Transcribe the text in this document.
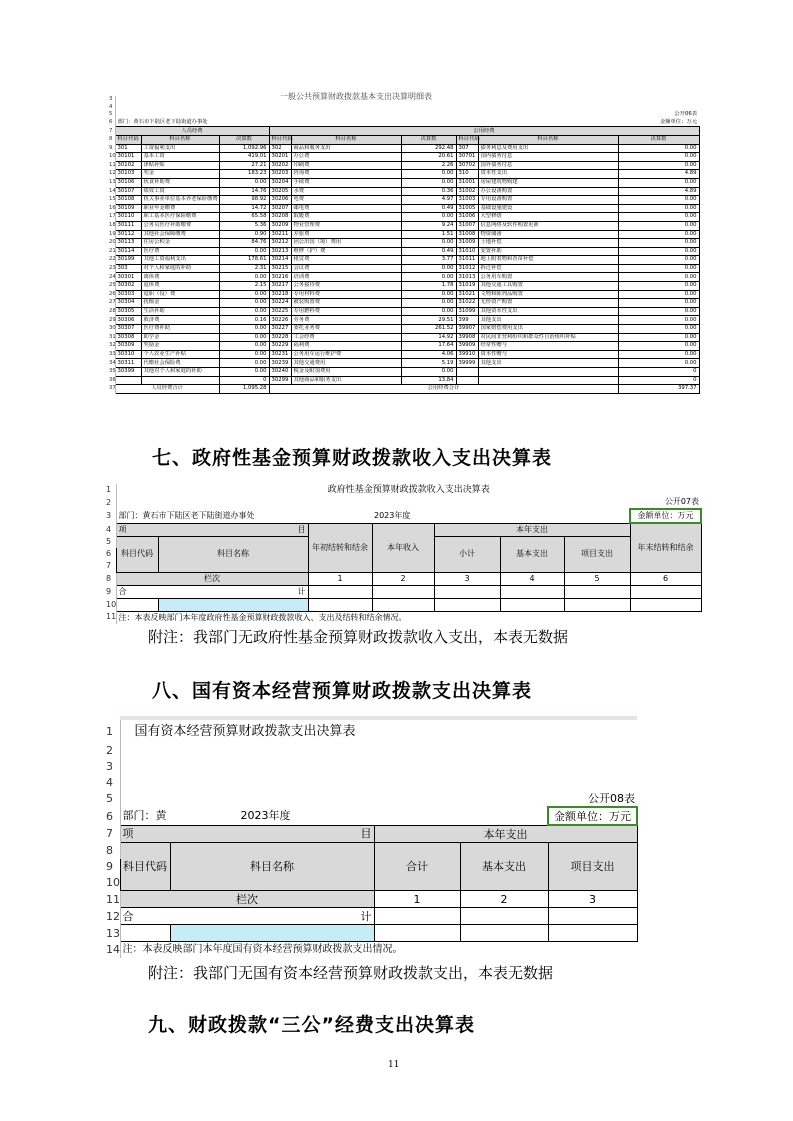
一般公共预算财政拨款基本支出决算明细表
3									
4									
5	公开06表								
6	部门：黄石市下陆区老下陆街道办事处						金额单位：万元		
7	人员经费			公用经费					
8	科目代码	科目名称	决算数	科目代码	科目名称	决算数	科目代码	科目名称	决算数
9	301	工资福利支出	1,092.96	302	商品和服务支出	292.48	307	债务利息及费用支出	0.00
10	30101	基本工资	419.01	30201	办公费	20.61	30701	国内债务付息	0.00
11	30102	津贴补贴	27.21	30202	印刷费	2.26	30702	国外债务付息	0.00
12	30103	奖金	183.23	30203	咨询费	0.00	310	资本性支出	4.89
13	30106	伙食补助费	0.00	30204	手续费	0.00	31001	房屋建筑物购建	0.00
14	30107	绩效工资	14.76	30205	水费	0.36	31002	办公设备购置	4.89
15	30108	机关事业单位基本养老保险缴费	98.92	30206	电费	4.97	31003	专用设备购置	0.00
16	30109	职业年金缴费	14.72	30207	邮电费	0.49	31005	基础设施建设	0.00
17	30110	职工基本医疗保险缴费	65.58	30208	取暖费	0.00	31006	大型修缮	0.00
18	30111	公务员医疗补助缴费	5.36	30209	物业管理费	9.24	31007	信息网络及软件购置更新	0.00
19	30112	其他社会保障缴费	0.90	30211	差旅费	1.51	31008	物资储备	0.00
20	30113	住房公积金	84.76	30212	因公出国（境）费用	0.00	31009	土地补偿	0.00
21	30114	医疗费	0.00	30213	维修（护）费	0.49	31010	安置补助	0.00
22	30199	其他工资福利支出	178.61	30214	租赁费	3.77	31011	地上附着物和青苗补偿	0.00
23	303	对个人和家庭的补助	2.31	30215	会议费	0.00	31012	拆迁补偿	0.00
24	30301	离休费	0.00	30216	培训费	0.00	31013	公务用车购置	0.00
25	30302	退休费	2.15	30217	公务接待费	1.78	31019	其他交通工具购置	0.00
26	30303	退职（役）费	0.00	30218	专用材料费	0.00	31021	文物和陈列品购置	0.00
27	30304	抚恤金	0.00	30224	被装购置费	0.00	31022	无形资产购置	0.00
28	30305	生活补助	0.00	30225	专用燃料费	0.00	31099	其他资本性支出	0.00
29	30306	救济费	0.16	30226	劳务费	29.51	399	其他支出	0.00
30	30307	医疗费补助	0.00	30227	委托业务费	261.52	39907	国家赔偿费用支出	0.00
31	30308	助学金	0.00	30228	工会经费	14.92	39908	对民间非营利组织和群众性自治组织补贴	0.00
32	30309	奖励金	0.00	30229	福利费	17.64	39909	经常性赠与	0.00
33	30310	个人农业生产补贴	0.00	30231	公务用车运行维护费	4.06	39910	资本性赠与	0.00
34	30311	代缴社会保险费	0.00	30239	其他交通费用	5.19	39999	其他支出	0.00
35	30399	其他对个人和家庭的补助	0.00	30240	税金及附加费用	0.00			0
36			0	30299	其他商品和服务支出	13.84			0
37	人员经费合计		1,095.28	公用经费合计					397.37
七、政府性基金预算财政拨款收入支出决算表
1	政府性基金预算财政拨款收入支出决算表							
2	公开07表							
3	部门：黄石市下陆区老下陆街道办事处			2023年度				金额单位：万元
4	项 目		年初结转和结余	本年收入	本年支出			年末结转和结余
5	科目代码	科目名称			小计	基本支出	项目支出	
6								
7								
8	栏次		1	2	3	4	5	6
9	合 计							

10								
11	注：本表反映部门本年度政府性基金预算财政拨款收入、支出及结转和结余情况。							
附注：我部门无政府性基金预算财政拨款收入支出，本表无数据
八、国有资本经营预算财政拨款支出决算表
1	国有资本经营预算财政拨款支出决算表				
2					
3					
4					
5	公开08表				
6	部门：黄 2023年度				金额单位：万元
7	项 目		本年支出		
8	科目代码	科目名称	合计	基本支出	项目支出
9					
10					
11	栏次		1	2	3
12	合 计				

13					
14	注：本表反映部门本年度国有资本经营预算财政拨款支出情况。				
附注：我部门无国有资本经营预算财政拨款支出，本表无数据
九、财政拨款“三公”经费支出决算表
11
